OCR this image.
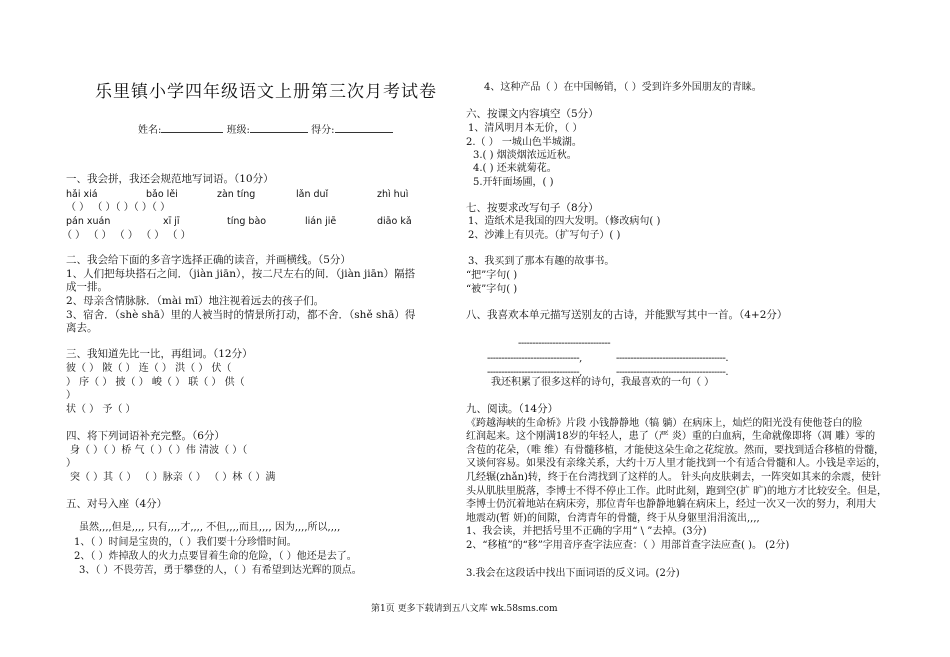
乐里镇小学四年级语文上册第三次月考试卷
姓名:	班级:	得分:
一、我会拼，我还会规范地写词语。（10分）
hǎi xiá	bǎo lěi	zàn tíng	lǎn duǐ	zhì huì
（ ） （ ）（ ）（ ）（ ）
pán xuán	xī jī	tíng bào	lián jiē	diāo kǎ
（ ） （ ） （ ） （ ） （ ）
二、我会给下面的多音字选择正确的读音，并画横线。（5分）
1、人们把每块搭石之间．（jiàn jiān），按二尺左右的间．（jiàn jiān）隔搭
成一排。
2、母亲含情脉脉．（mài mī）地注视着远去的孩子们。
3、宿舍．（shè shā）里的人被当时的情景所打动，都不舍．（shě shā）得
离去。
三、我知道先比一比，再组词。（12分）
彼（ ） 陂（ ） 连（ ） 洪（ ） 伏（
） 序（ ） 披（ ） 峻（ ） 联（ ） 供（
）
状（ ） 予（ ）
四、将下列词语补充完整。（6分）
身（ ）（ ）桥 气（ ）（ ）伟 清波（ ）（
）
突（ ）其（ ） （ ）脉亲（ ） （ ）林（ ）满
五、对号入座（4分）
虽然,,,,但是,,,, 只有,,,,才,,,, 不但,,,,而且,,,, 因为,,,,所以,,,,
1、（ ）时间是宝贵的，（ ）我们要十分珍惜时间。
2、（ ）炸掉敌人的火力点要冒着生命的危险，（ ）他还是去了。
3、（ ）不畏劳苦，勇于攀登的人，（ ）有希望到达光辉的顶点。
4、这种产品（ ）在中国畅销，（ ）受到许多外国朋友的青睐。
六、按课文内容填空（5分）
1、清风明月本无价，（ ）
2.（ ） 一城山色半城湖。
3.( ) 烟淡烟浓远近秋。
4.( ) 还来就菊花。
5.开轩面场圃，( )
七、按要求改写句子（8分）
1、造纸术是我国的四大发明。（修改病句( )
2、沙滩上有贝壳。（扩写句子）( )
3、我买到了那本有趣的故事书。
“把”字句( )
“被”字句( )
八、我喜欢本单元描写送别友的古诗，并能默写其中一首。（4+2分）
--------------------------------
--------------------------------,	--------------------------------------.
--------------------------------,	--------------------------------------.
我还积累了很多这样的诗句，我最喜欢的一句（ ）
九、阅读。（14分）
《跨越海峡的生命桥》片段 小钱静静地（犒 躺）在病床上，灿烂的阳光没有使他苍白的脸
红润起来。这个刚满18岁的年轻人，患了（严 炎）重的白血病，生命就像即将（凋 雕）零的
含苞的花朵，（唯 维）有骨髓移植，才能使这朵生命之花绽放。然而，要找到适合移植的骨髓，
又谈何容易。如果没有亲缘关系，大约十万人里才能找到一个有适合骨髓和人。小钱是幸运的，
几经辗(zhǎn)转，终于在台湾找到了这样的人。 针头向皮肤刺去，一阵突如其来的余震，使针
头从肌肤里脱落，李博士不得不停止工作。此时此刻，跑到空(扩 旷)的地方才比较安全。但是，
李博士仍沉着地站在病床旁，那位青年也静静地躺在病床上，经过一次又一次的努力，利用大
地震动(暂 妍)的间隙，台湾青年的骨髓，终于从身躯里涓涓流出,,,,
1、我会读，并把括号里不正确的字用“ \ ”去掉。(3分)
2、“移植”的“移”字用音序查字法应查：（ ）用部首查字法应查( )。 (2分)
3.我会在这段话中找出下面词语的反义词。(2分)
第1页 更多下载请到五八文库 wk.58sms.com
